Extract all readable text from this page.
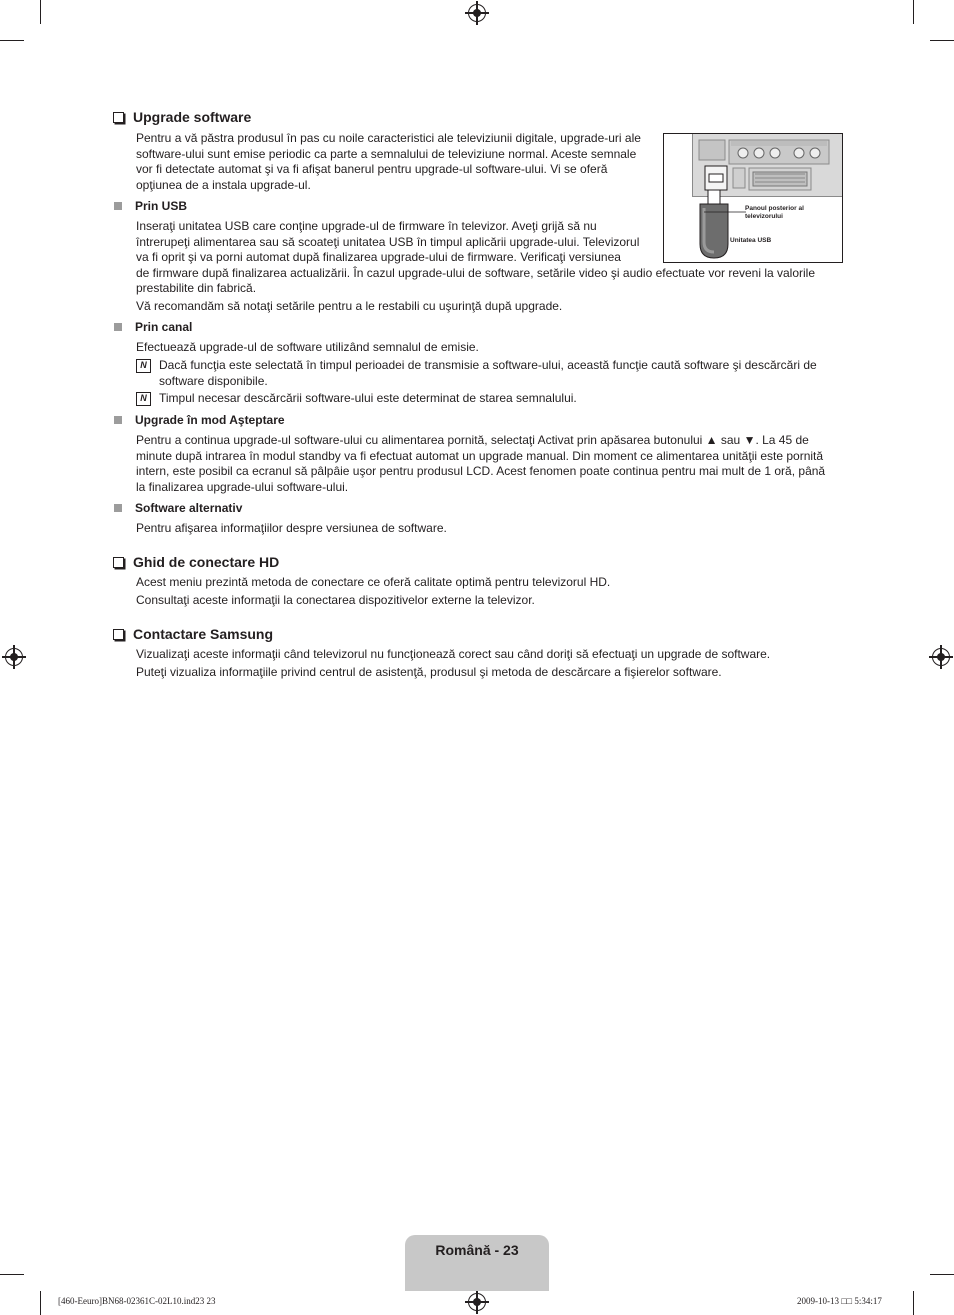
Upgrade software
Pentru a vă păstra produsul în pas cu noile caracteristici ale televiziunii digitale, upgrade-uri ale
software-ului sunt emise periodic ca parte a semnalului de televiziune normal. Aceste semnale
vor fi detectate automat şi va fi afişat banerul pentru upgrade-ul software-ului. Vi se oferă
opţiunea de a instala upgrade-ul.
Panoul posterior al
televizorului
Unitatea USB
Prin USB
Inseraţi unitatea USB care conţine upgrade-ul de firmware în televizor. Aveţi grijă să nu
întrerupeţi alimentarea sau să scoateţi unitatea USB în timpul aplicării upgrade-ului. Televizorul
va fi oprit şi va porni automat după finalizarea upgrade-ului de firmware. Verificaţi versiunea
de firmware după finalizarea actualizării. În cazul upgrade-ului de software, setările video şi audio efectuate vor reveni la valorile
prestabilite din fabrică.
Vă recomandăm să notaţi setările pentru a le restabili cu uşurinţă după upgrade.
Prin canal
Efectuează upgrade-ul de software utilizând semnalul de emisie.
N	Dacă funcţia este selectată în timpul perioadei de transmisie a software-ului, această funcţie caută software şi descărcări de
software disponibile.
N	Timpul necesar descărcării software-ului este determinat de starea semnalului.
Upgrade în mod Aşteptare
Pentru a continua upgrade-ul software-ului cu alimentarea pornită, selectaţi Activat prin apăsarea butonului ▲ sau ▼. La 45 de
minute după intrarea în modul standby va fi efectuat automat un upgrade manual. Din moment ce alimentarea unităţii este pornită
intern, este posibil ca ecranul să pâlpâie uşor pentru produsul LCD. Acest fenomen poate continua pentru mai mult de 1 oră, până
la finalizarea upgrade-ului software-ului.
Software alternativ
Pentru afişarea informaţiilor despre versiunea de software.
Ghid de conectare HD
Acest meniu prezintă metoda de conectare ce oferă calitate optimă pentru televizorul HD.
Consultaţi aceste informaţii la conectarea dispozitivelor externe la televizor.
Contactare Samsung
Vizualizaţi aceste informaţii când televizorul nu funcţionează corect sau când doriţi să efectuaţi un upgrade de software.
Puteţi vizualiza informaţiile privind centrul de asistenţă, produsul şi metoda de descărcare a fişierelor software.
Română - 23
[460-Eeuro]BN68-02361C-02L10.ind23 23	2009-10-13 □□ 5:34:17
